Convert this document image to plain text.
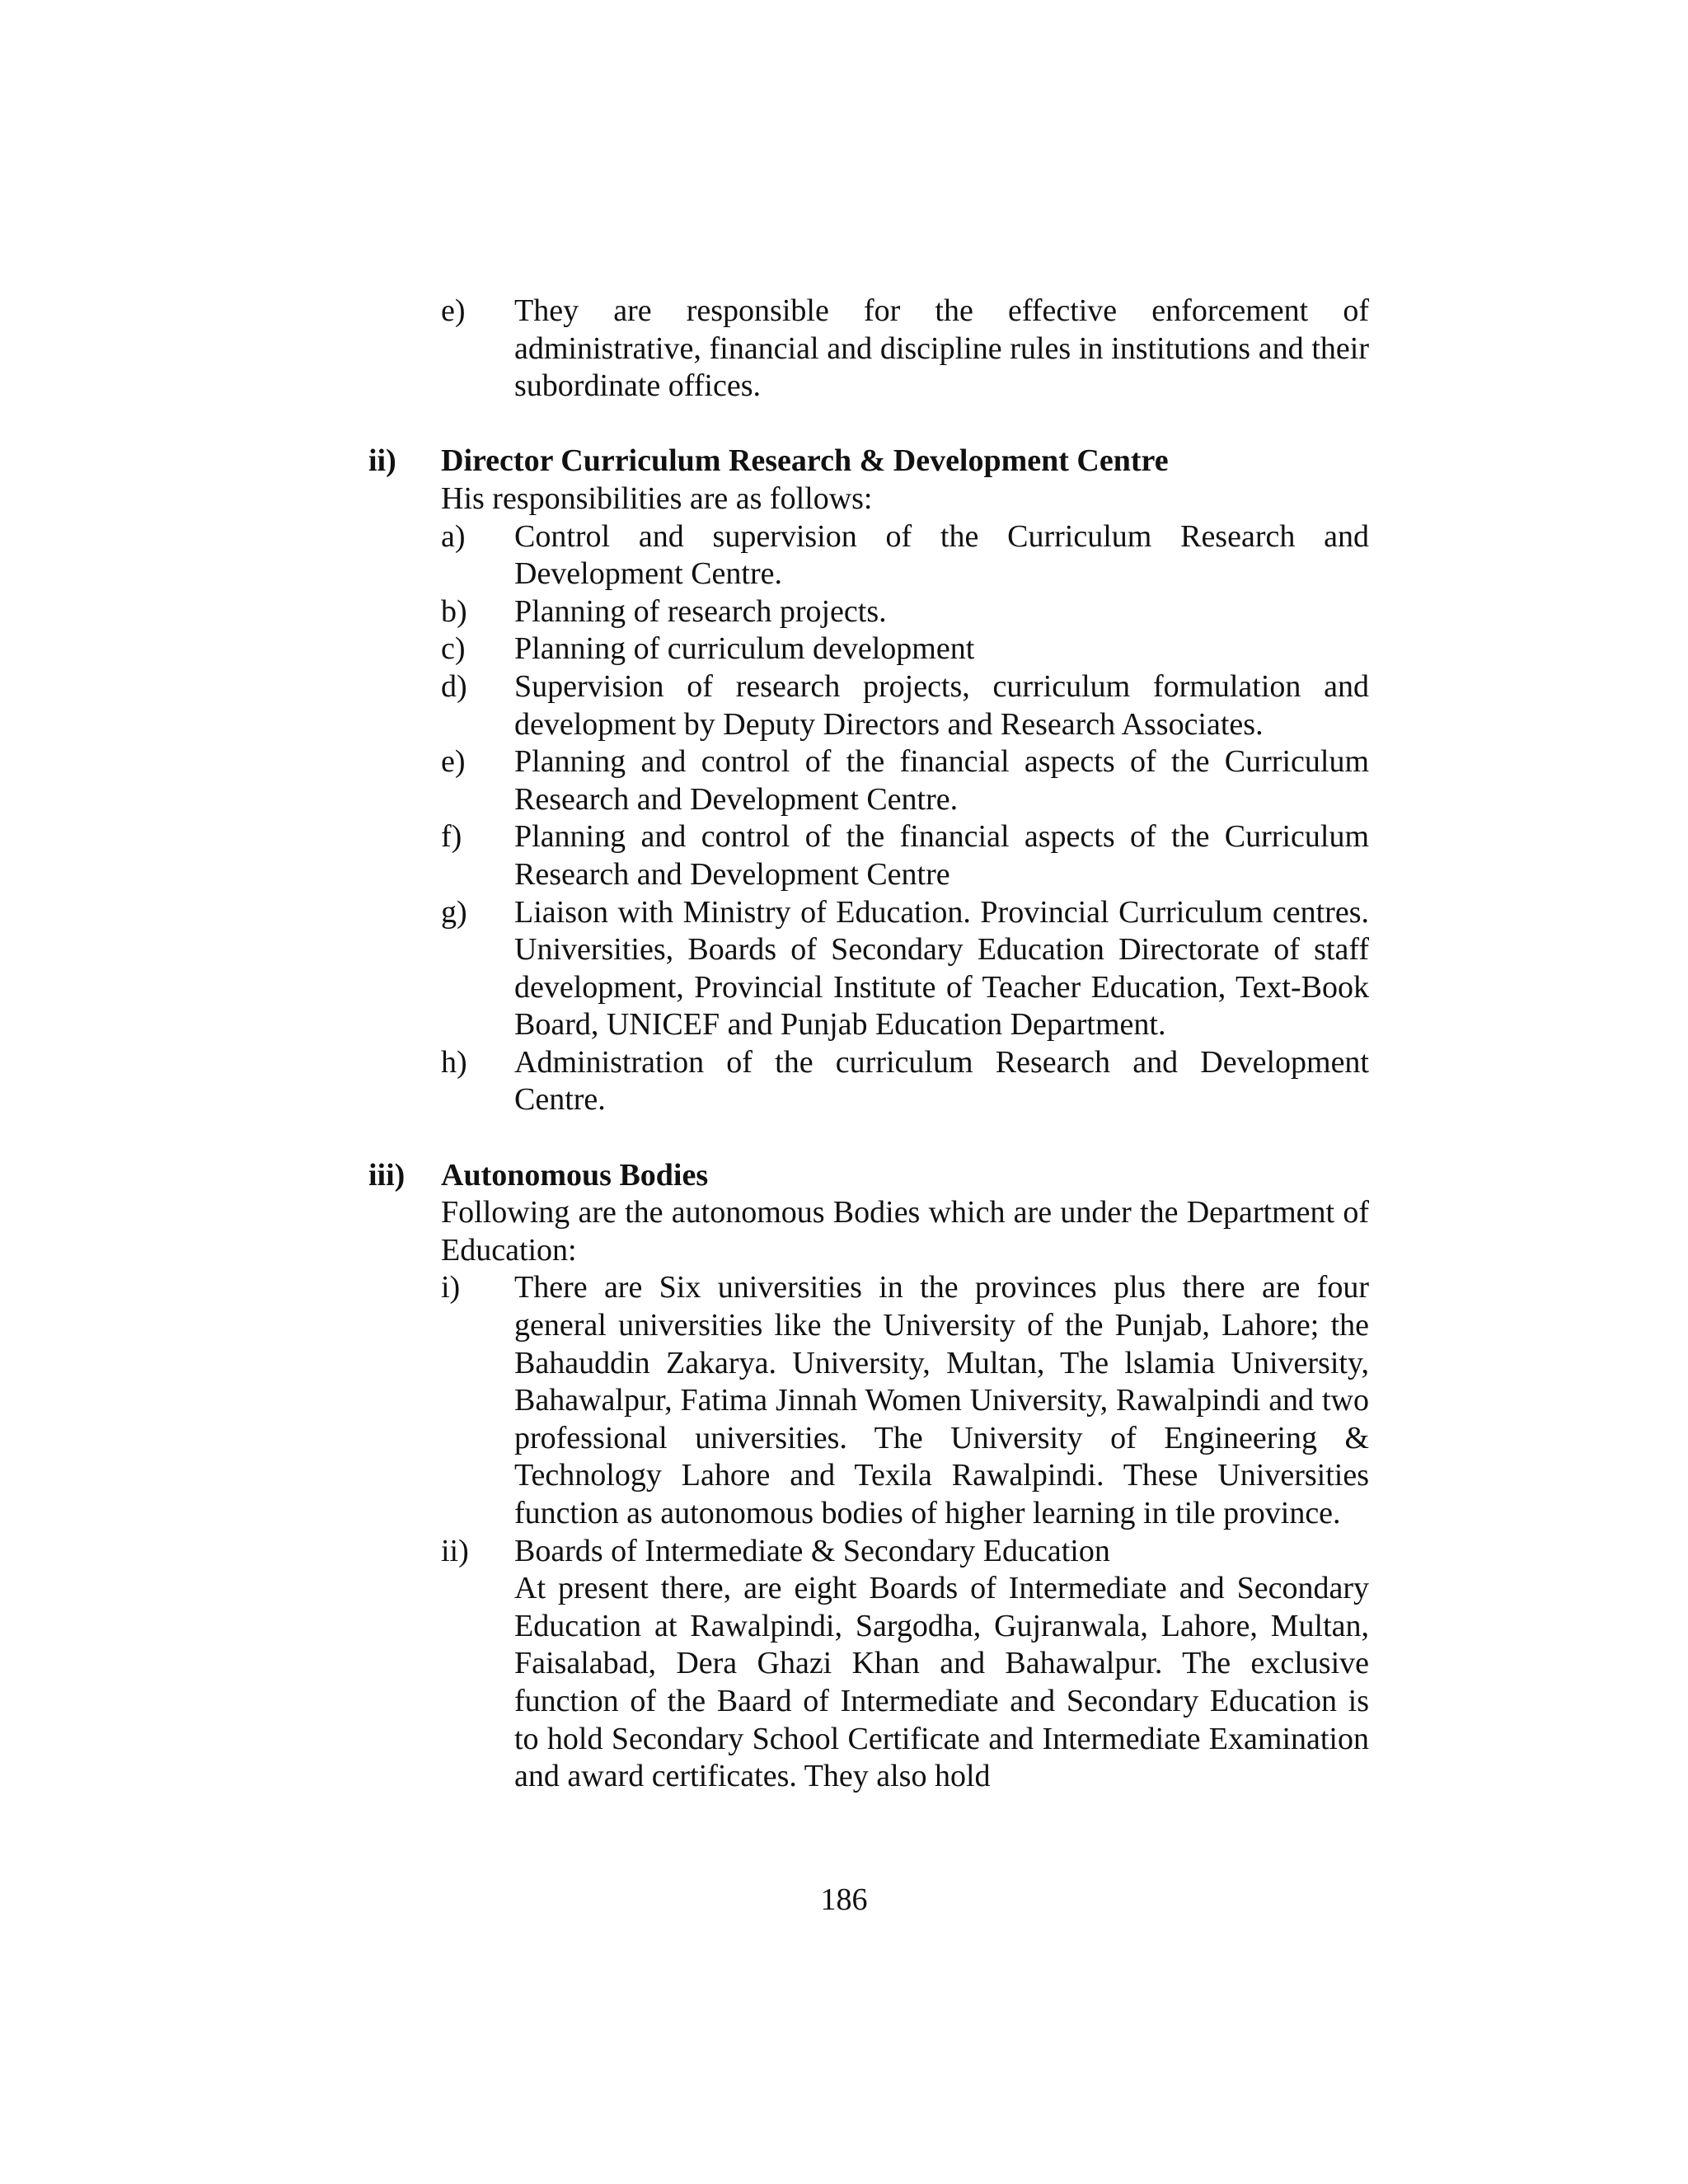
e)	They are responsible for the effective enforcement of administrative, financial and discipline rules in institutions and their subordinate offices.
ii)	Director Curriculum Research & Development Centre
His responsibilities are as follows:
a)	Control and supervision of the Curriculum Research and Development Centre.
b)	Planning of research projects.
c)	Planning of curriculum development
d)	Supervision of research projects, curriculum formulation and development by Deputy Directors and Research Associates.
e)	Planning and control of the financial aspects of the Curriculum Research and Development Centre.
f)	Planning and control of the financial aspects of the Curriculum Research and Development Centre
g)	Liaison with Ministry of Education. Provincial Curriculum centres. Universities, Boards of Secondary Education Directorate of staff development, Provincial Institute of Teacher Education, Text-Book Board, UNICEF and Punjab Education Department.
h)	Administration of the curriculum Research and Development Centre.
iii)	Autonomous Bodies
Following are the autonomous Bodies which are under the Department of Education:
i)	There are Six universities in the provinces plus there are four general universities like the University of the Punjab, Lahore; the Bahauddin Zakarya. University, Multan, The lslamia University, Bahawalpur, Fatima Jinnah Women University, Rawalpindi and two professional universities. The University of Engineering & Technology Lahore and Texila Rawalpindi. These Universities function as autonomous bodies of higher learning in tile province.
ii)	Boards of Intermediate & Secondary Education
At present there, are eight Boards of Intermediate and Secondary Education at Rawalpindi, Sargodha, Gujranwala, Lahore, Multan, Faisalabad, Dera Ghazi Khan and Bahawalpur. The exclusive function of the Baard of Intermediate and Secondary Education is to hold Secondary School Certificate and Intermediate Examination and award certificates. They also hold
186
